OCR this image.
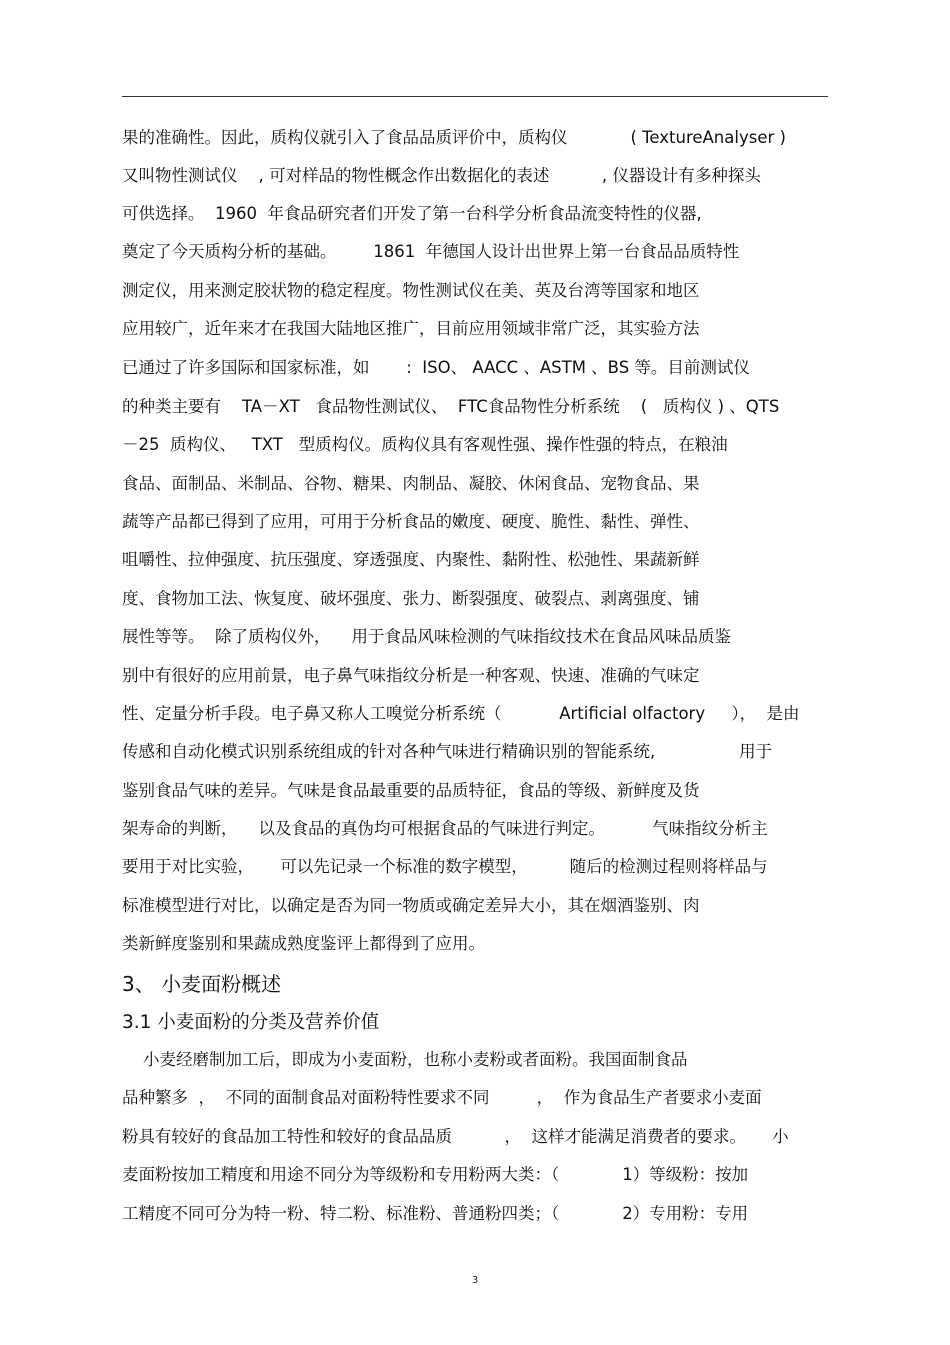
果的准确性。因此，质构仪就引入了食品品质评价中，质构仪            ( TextureAnalyser )
又叫物性测试仪    , 可对样品的物性概念作出数据化的表述          , 仪器设计有多种探头
可供选择。  1960  年食品研究者们开发了第一台科学分析食品流变特性的仪器,
奠定了今天质构分析的基础。       1861  年德国人设计出世界上第一台食品品质特性
测定仪，用来测定胶状物的稳定程度。物性测试仪在美、英及台湾等国家和地区
应用较广，近年来才在我国大陆地区推广，目前应用领域非常广泛，其实验方法
已通过了许多国际和国家标准，如       :  ISO、 AACC 、ASTM 、BS 等。目前测试仪
的种类主要有    TA－XT   食品物性测试仪、  FTC食品物性分析系统    (   质构仪 ) 、QTS
－25  质构仪、   TXT   型质构仪。质构仪具有客观性强、操作性强的特点，在粮油
食品、面制品、米制品、谷物、糖果、肉制品、凝胶、休闲食品、宠物食品、果
蔬等产品都已得到了应用，可用于分析食品的嫩度、硬度、脆性、黏性、弹性、
咀嚼性、拉伸强度、抗压强度、穿透强度、内聚性、黏附性、松弛性、果蔬新鲜
度、食物加工法、恢复度、破坏强度、张力、断裂强度、破裂点、剥离强度、铺
展性等等。  除了质构仪外，    用于食品风味检测的气味指纹技术在食品风味品质鉴
别中有很好的应用前景，电子鼻气味指纹分析是一种客观、快速、准确的气味定
性、定量分析手段。电子鼻又称人工嗅觉分析系统（           Artificial olfactory     ），  是由
传感和自动化模式识别系统组成的针对各种气味进行精确识别的智能系统,                用于
鉴别食品气味的差异。气味是食品最重要的品质特征，食品的等级、新鲜度及货
架寿命的判断，    以及食品的真伪均可根据食品的气味进行判定。         气味指纹分析主
要用于对比实验，     可以先记录一个标准的数字模型，        随后的检测过程则将样品与
标准模型进行对比，以确定是否为同一物质或确定差异大小，其在烟酒鉴别、肉
类新鲜度鉴别和果蔬成熟度鉴评上都得到了应用。
3、 小麦面粉概述
3.1 小麦面粉的分类及营养价值
小麦经磨制加工后，即成为小麦面粉，也称小麦粉或者面粉。我国面制食品
品种繁多  ，  不同的面制食品对面粉特性要求不同         ，  作为食品生产者要求小麦面
粉具有较好的食品加工特性和较好的食品品质          ，  这样才能满足消费者的要求。     小
麦面粉按加工精度和用途不同分为等级粉和专用粉两大类：（            1）等级粉：按加
工精度不同可分为特一粉、特二粉、标准粉、普通粉四类；（            2）专用粉：专用
3
